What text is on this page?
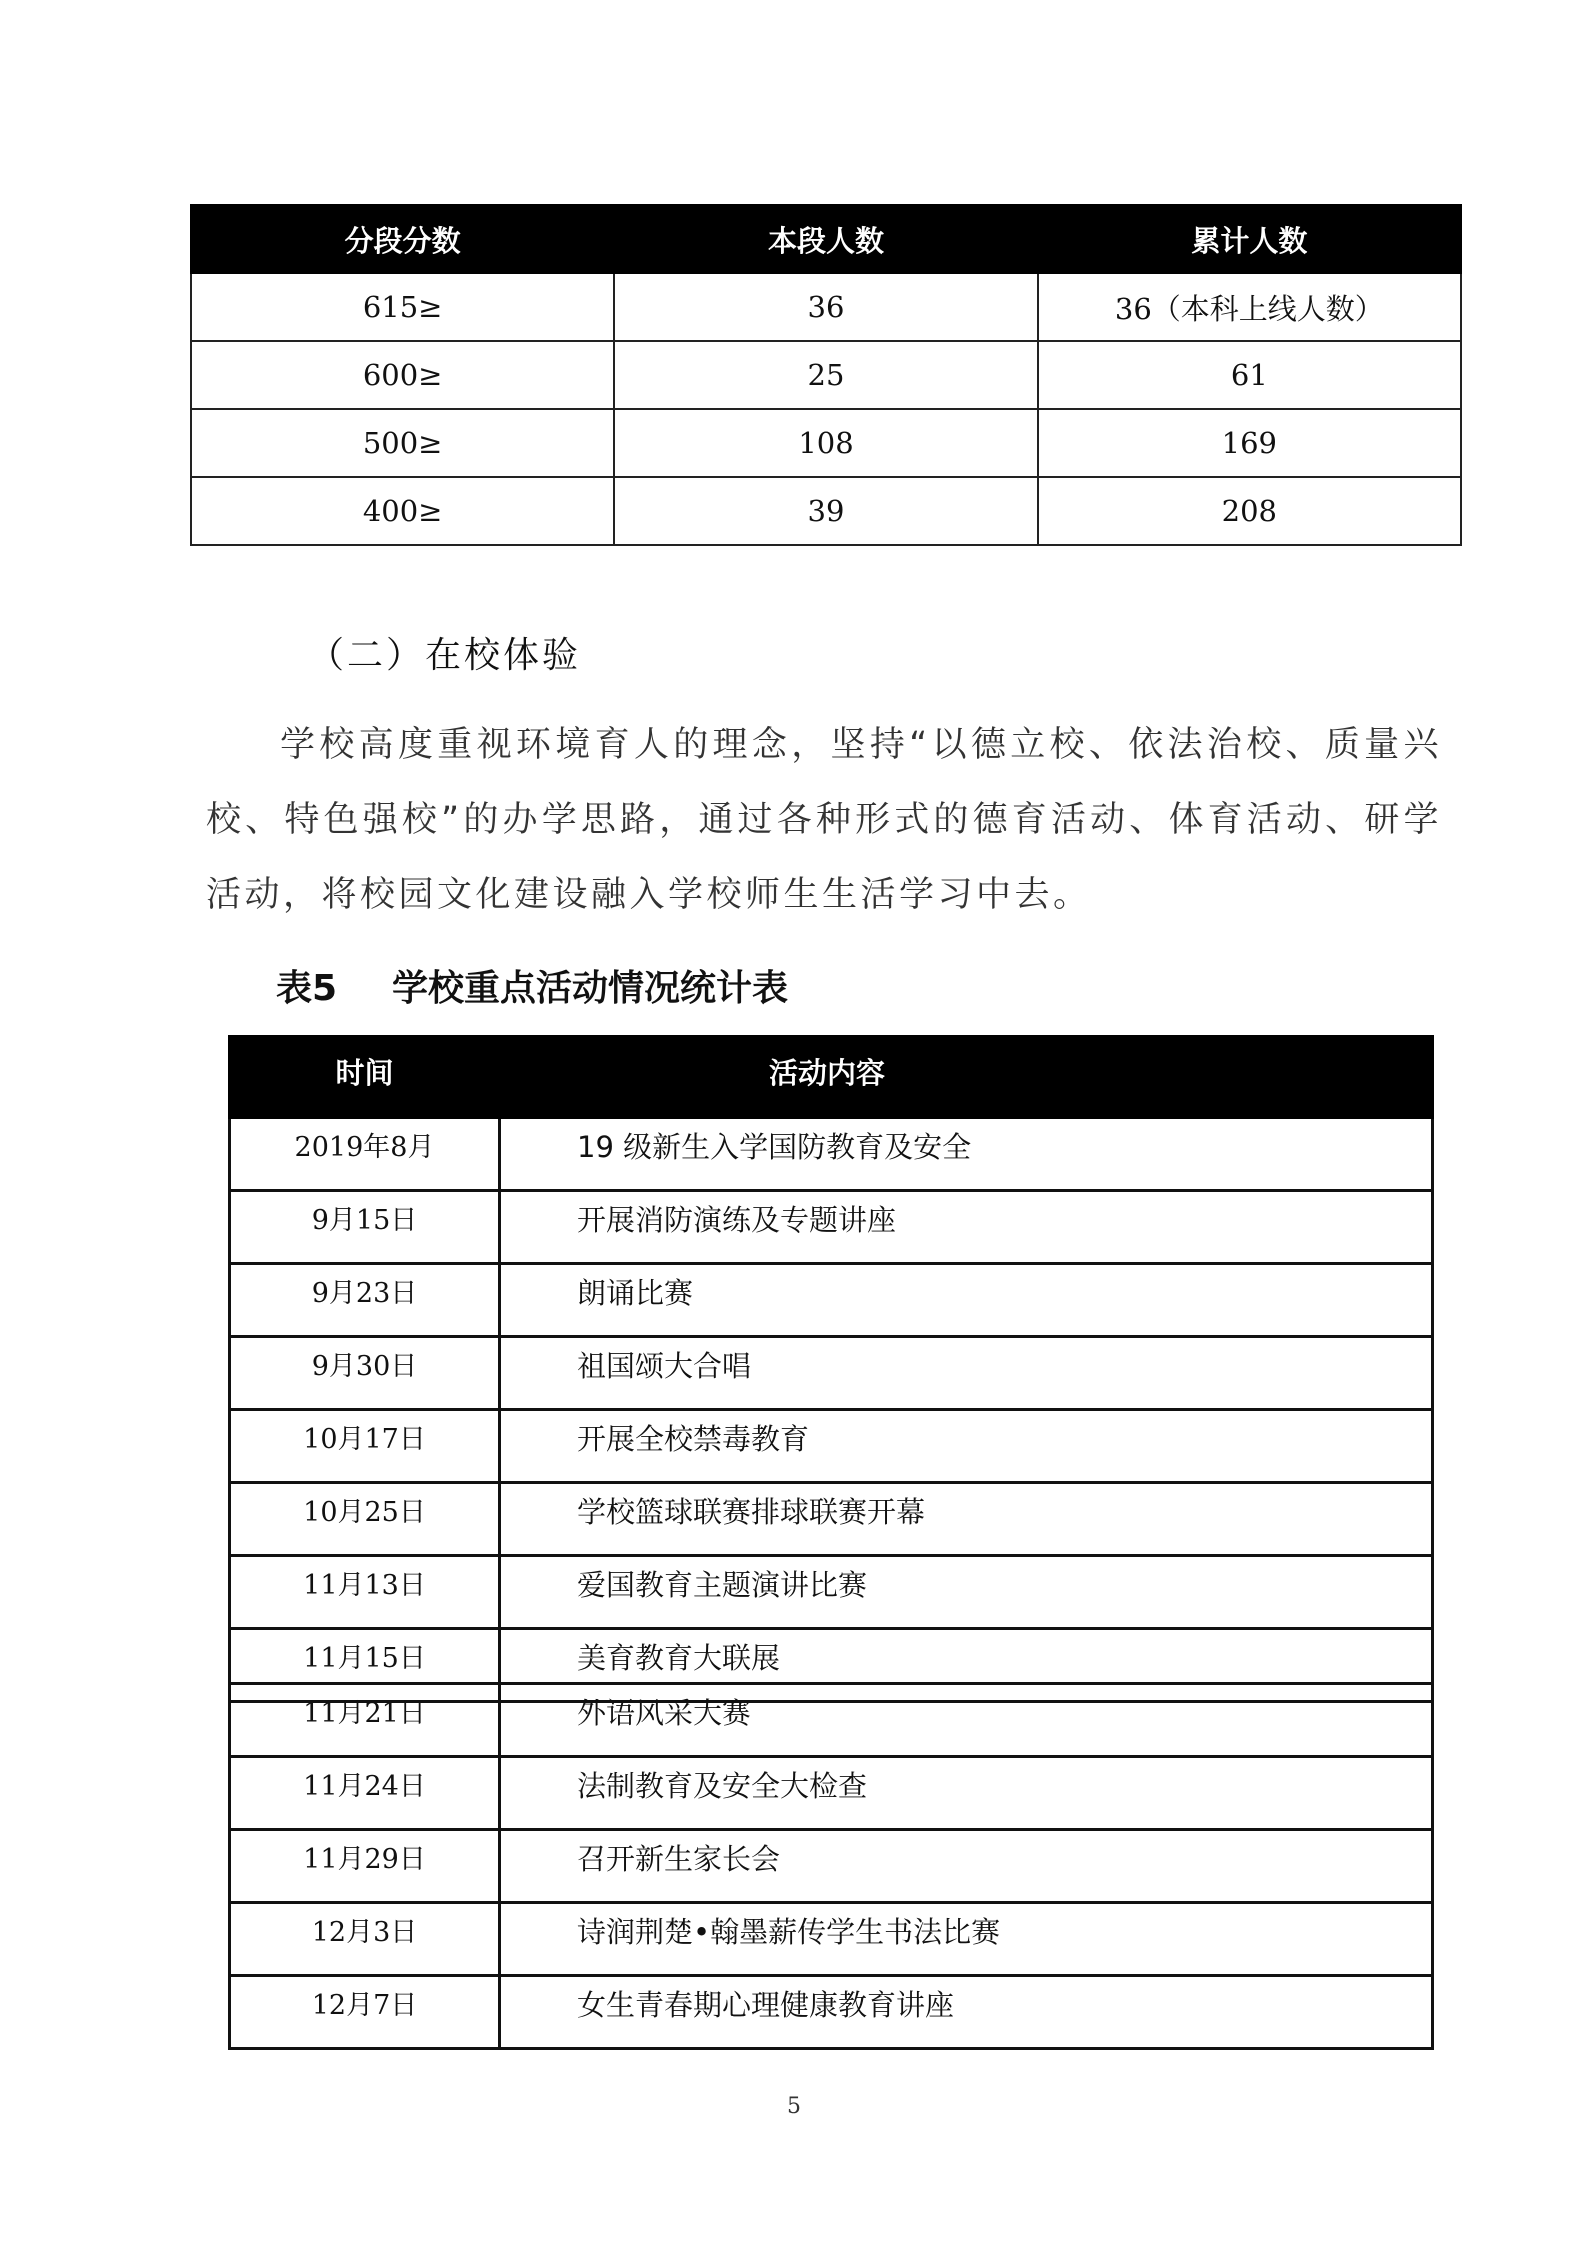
分段分数	本段人数	累计人数
615≥	36	36（本科上线人数）
600≥	25	61
500≥	108	169
400≥	39	208
（二）在校体验

学校高度重视环境育人的理念，坚持“以德立校、依法治校、质量兴校、特色强校”的办学思路，通过各种形式的德育活动、体育活动、研学活动，将校园文化建设融入学校师生生活学习中去。

表5 学校重点活动情况统计表
时间	活动内容
2019年8月	19 级新生入学国防教育及安全
9月15日	开展消防演练及专题讲座
9月23日	朗诵比赛
9月30日	祖国颂大合唱
10月17日	开展全校禁毒教育
10月25日	学校篮球联赛排球联赛开幕
11月13日	爱国教育主题演讲比赛
11月15日	美育教育大联展
11月21日	外语风采大赛
11月24日	法制教育及安全大检查
11月29日	召开新生家长会
12月3日	诗润荆楚•翰墨薪传学生书法比赛
12月7日	女生青春期心理健康教育讲座
5
